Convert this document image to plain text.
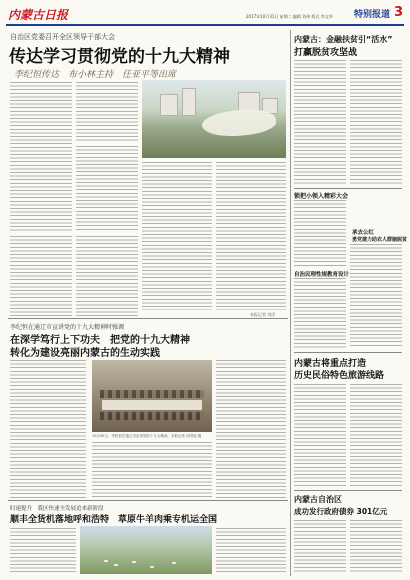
内蒙古日报	2017年10月31日 星期二 编辑 刘伟 版式 李文华 特别报道 3
自治区党委召开全区领导干部大会
传达学习贯彻党的十九大精神
李纪恒传达　布小林主持　任亚平等出席
本报记者 刘洋
李纪恒在通辽市宣讲党的十九大精神时强调
在深学笃行上下功夫　把党的十九大精神
转化为建设亮丽内蒙古的生动实践
10月30日，李纪恒在通辽市宣讲党的十九大精神。本报记者 孙国瑞 摄
时速提升　我区快速全发展追来新阶段
顺丰全货机落地呼和浩特　草原牛羊肉乘专机运全国
内蒙古：金融扶贫引“活水”
打赢脱贫攻坚战
锁把小领入精彩大会
承去公红
勇党建力助农人群脑脱贫
自治民理性规教育设计
内蒙古将重点打造
历史民俗特色旅游线路
内蒙古自治区
成功发行政府债券 301亿元
